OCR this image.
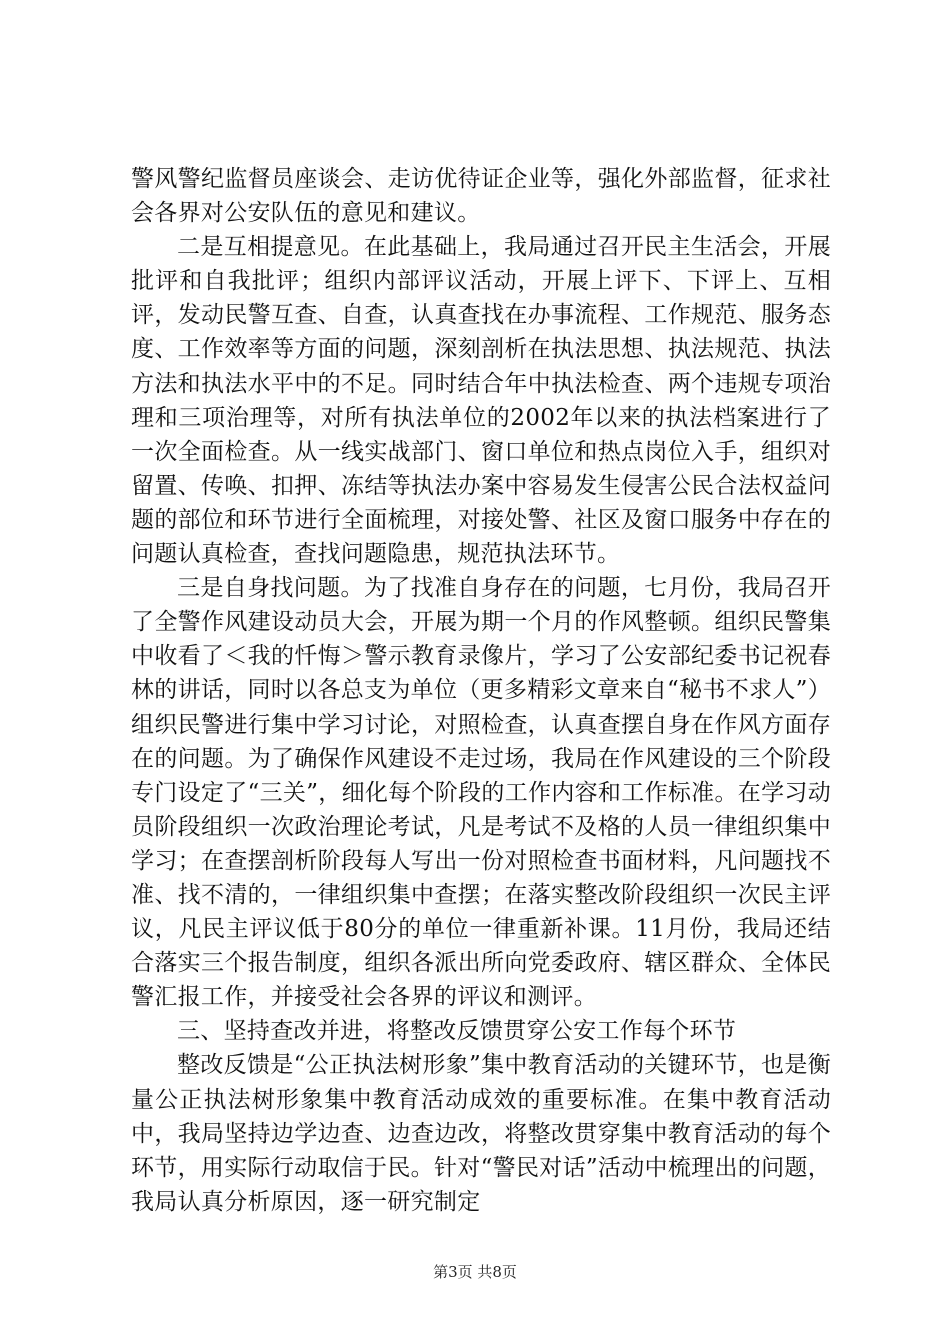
警风警纪监督员座谈会、走访优待证企业等，强化外部监督，征求社会各界对公安队伍的意见和建议。

二是互相提意见。在此基础上，我局通过召开民主生活会，开展批评和自我批评；组织内部评议活动，开展上评下、下评上、互相评，发动民警互查、自查，认真查找在办事流程、工作规范、服务态度、工作效率等方面的问题，深刻剖析在执法思想、执法规范、执法方法和执法水平中的不足。同时结合年中执法检查、两个违规专项治理和三项治理等，对所有执法单位的2002年以来的执法档案进行了一次全面检查。从一线实战部门、窗口单位和热点岗位入手，组织对留置、传唤、扣押、冻结等执法办案中容易发生侵害公民合法权益问题的部位和环节进行全面梳理，对接处警、社区及窗口服务中存在的问题认真检查，查找问题隐患，规范执法环节。

三是自身找问题。为了找准自身存在的问题，七月份，我局召开了全警作风建设动员大会，开展为期一个月的作风整顿。组织民警集中收看了＜我的忏悔＞警示教育录像片，学习了公安部纪委书记祝春林的讲话，同时以各总支为单位（更多精彩文章来自“秘书不求人”）组织民警进行集中学习讨论，对照检查，认真查摆自身在作风方面存在的问题。为了确保作风建设不走过场，我局在作风建设的三个阶段专门设定了“三关”，细化每个阶段的工作内容和工作标准。在学习动员阶段组织一次政治理论考试，凡是考试不及格的人员一律组织集中学习；在查摆剖析阶段每人写出一份对照检查书面材料，凡问题找不准、找不清的，一律组织集中查摆；在落实整改阶段组织一次民主评议，凡民主评议低于80分的单位一律重新补课。11月份，我局还结合落实三个报告制度，组织各派出所向党委政府、辖区群众、全体民警汇报工作，并接受社会各界的评议和测评。

三、坚持查改并进，将整改反馈贯穿公安工作每个环节

整改反馈是“公正执法树形象”集中教育活动的关键环节，也是衡量公正执法树形象集中教育活动成效的重要标准。在集中教育活动中，我局坚持边学边查、边查边改，将整改贯穿集中教育活动的每个环节，用实际行动取信于民。针对“警民对话”活动中梳理出的问题，我局认真分析原因，逐一研究制定

第3页 共8页
